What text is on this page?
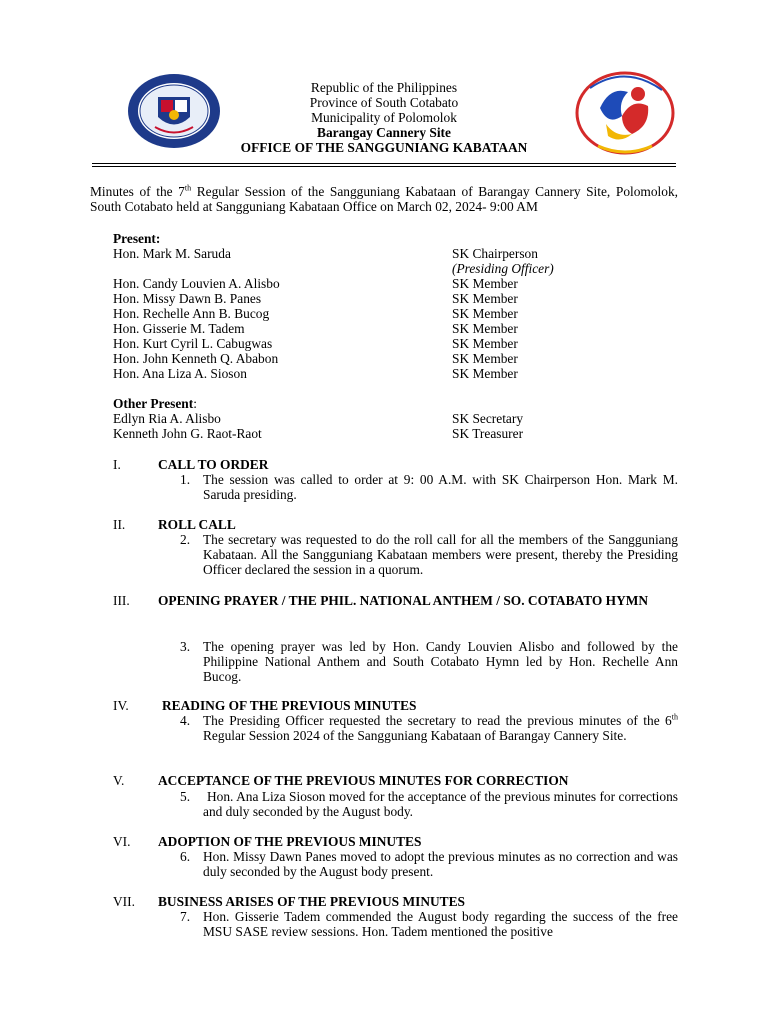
Republic of the Philippines
Province of South Cotabato
Municipality of Polomolok
Barangay Cannery Site
OFFICE OF THE SANGGUNIANG KABATAAN
Minutes of the 7th Regular Session of the Sangguniang Kabataan of Barangay Cannery Site, Polomolok, South Cotabato held at Sangguniang Kabataan Office on March 02, 2024- 9:00 AM
Present:
Hon. Mark M. Saruda	SK Chairperson
(Presiding Officer)
Hon. Candy Louvien A. Alisbo	SK Member
Hon. Missy Dawn B. Panes	SK Member
Hon. Rechelle Ann B. Bucog	SK Member
Hon. Gisserie M. Tadem	SK Member
Hon. Kurt Cyril L. Cabugwas	SK Member
Hon. John Kenneth Q. Ababon	SK Member
Hon. Ana Liza A. Sioson	SK Member
Other Present:
Edlyn Ria A. Alisbo	SK Secretary
Kenneth John G. Raot-Raot	SK Treasurer
I.	CALL TO ORDER
1. The session was called to order at 9: 00 A.M. with SK Chairperson Hon. Mark M. Saruda presiding.
II. ROLL CALL
2. The secretary was requested to do the roll call for all the members of the Sangguniang Kabataan. All the Sangguniang Kabataan members were present, thereby the Presiding Officer declared the session in a quorum.
III. OPENING PRAYER / THE PHIL. NATIONAL ANTHEM / SO. COTABATO HYMN
3. The opening prayer was led by Hon. Candy Louvien Alisbo and followed by the Philippine National Anthem and South Cotabato Hymn led by Hon. Rechelle Ann Bucog.
IV. READING OF THE PREVIOUS MINUTES
4. The Presiding Officer requested the secretary to read the previous minutes of the 6th Regular Session 2024 of the Sangguniang Kabataan of Barangay Cannery Site.
V.	ACCEPTANCE OF THE PREVIOUS MINUTES FOR CORRECTION
5. Hon. Ana Liza Sioson moved for the acceptance of the previous minutes for corrections and duly seconded by the August body.
VI. ADOPTION OF THE PREVIOUS MINUTES
6. Hon. Missy Dawn Panes moved to adopt the previous minutes as no correction and was duly seconded by the August body present.
VII. BUSINESS ARISES OF THE PREVIOUS MINUTES
7. Hon. Gisserie Tadem commended the August body regarding the success of the free MSU SASE review sessions. Hon. Tadem mentioned the positive
